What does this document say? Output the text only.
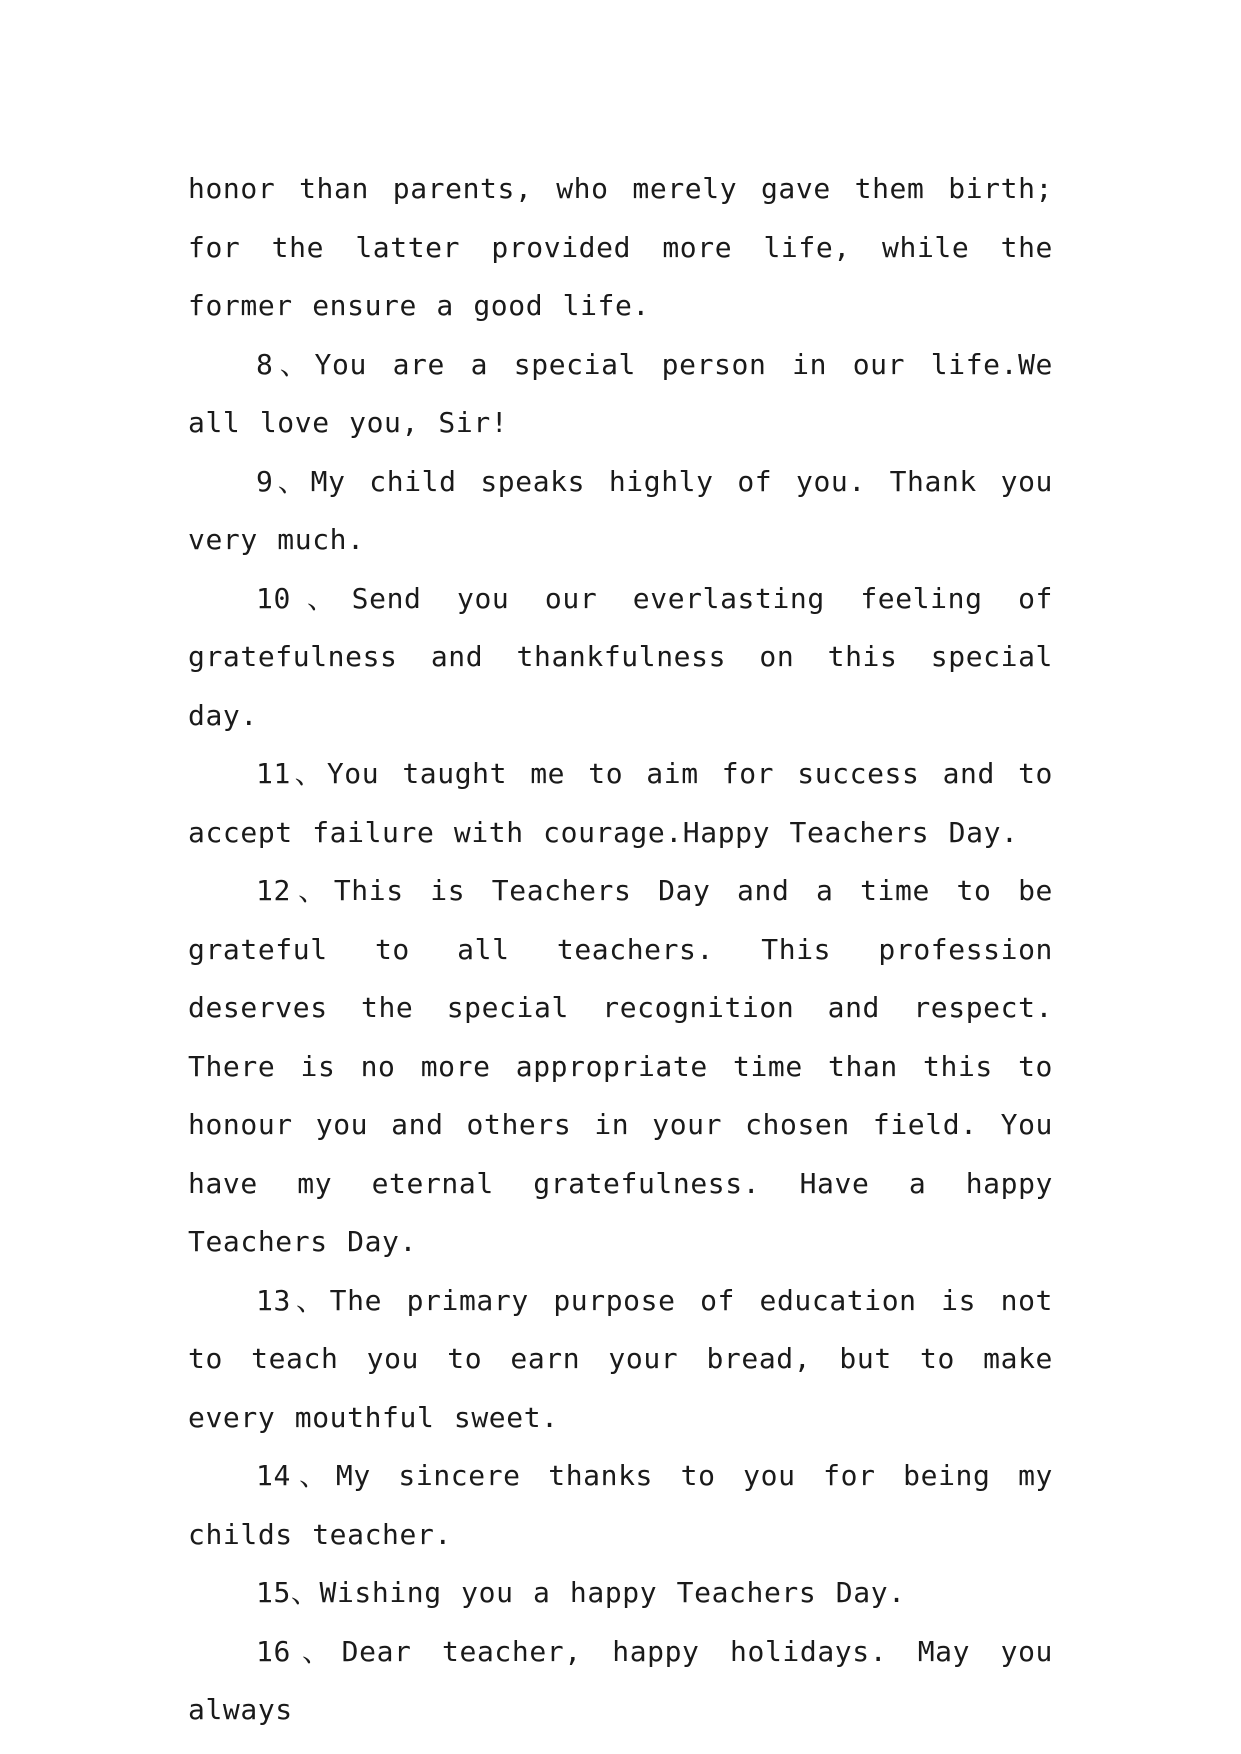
honor than parents, who merely gave them birth; for the latter provided more life, while the former ensure a good life.

8、You are a special person in our life.We all love you, Sir!

9、My child speaks highly of you. Thank you very much.

10、Send you our everlasting feeling of gratefulness and thankfulness on this special day.

11、You taught me to aim for success and to accept failure with courage.Happy Teachers Day.

12、This is Teachers Day and a time to be grateful to all teachers. This profession deserves the special recognition and respect. There is no more appropriate time than this to honour you and others in your chosen field. You have my eternal gratefulness. Have a happy Teachers Day.

13、The primary purpose of education is not to teach you to earn your bread, but to make every mouthful sweet.

14、My sincere thanks to you for being my childs teacher.

15、Wishing you a happy Teachers Day.

16、Dear teacher, happy holidays. May you always
